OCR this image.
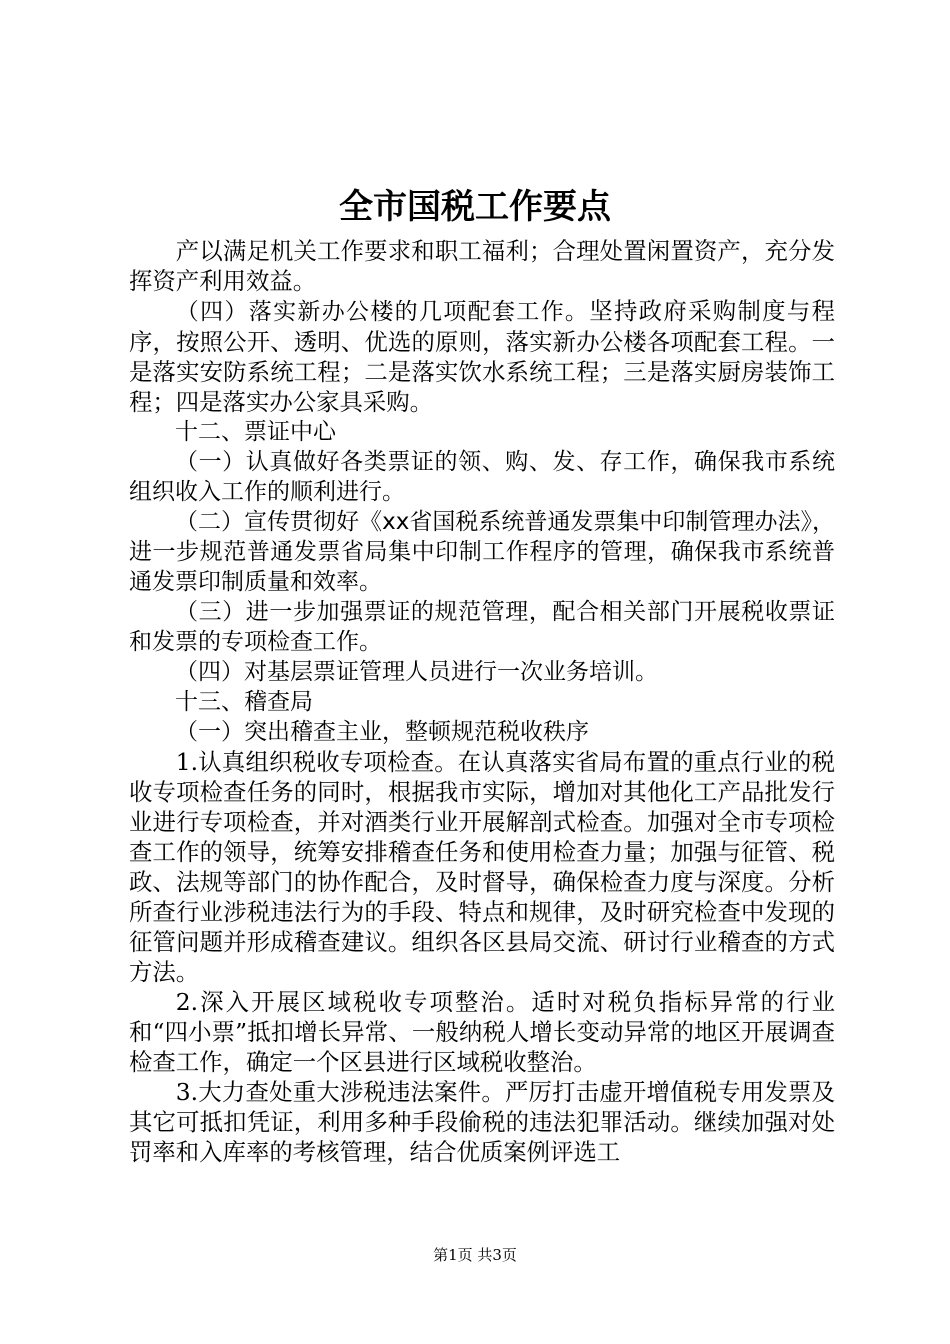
全市国税工作要点

产以满足机关工作要求和职工福利；合理处置闲置资产，充分发挥资产利用效益。

（四）落实新办公楼的几项配套工作。坚持政府采购制度与程序，按照公开、透明、优选的原则，落实新办公楼各项配套工程。一是落实安防系统工程；二是落实饮水系统工程；三是落实厨房装饰工程；四是落实办公家具采购。

十二、票证中心

（一）认真做好各类票证的领、购、发、存工作，确保我市系统组织收入工作的顺利进行。

（二）宣传贯彻好《xx省国税系统普通发票集中印制管理办法》，进一步规范普通发票省局集中印制工作程序的管理，确保我市系统普通发票印制质量和效率。

（三）进一步加强票证的规范管理，配合相关部门开展税收票证和发票的专项检查工作。

（四）对基层票证管理人员进行一次业务培训。

十三、稽查局

（一）突出稽查主业，整顿规范税收秩序

1.认真组织税收专项检查。在认真落实省局布置的重点行业的税收专项检查任务的同时，根据我市实际，增加对其他化工产品批发行业进行专项检查，并对酒类行业开展解剖式检查。加强对全市专项检查工作的领导，统筹安排稽查任务和使用检查力量；加强与征管、税政、法规等部门的协作配合，及时督导，确保检查力度与深度。分析所查行业涉税违法行为的手段、特点和规律，及时研究检查中发现的征管问题并形成稽查建议。组织各区县局交流、研讨行业稽查的方式方法。

2.深入开展区域税收专项整治。适时对税负指标异常的行业和“四小票”抵扣增长异常、一般纳税人增长变动异常的地区开展调查检查工作，确定一个区县进行区域税收整治。

3.大力查处重大涉税违法案件。严厉打击虚开增值税专用发票及其它可抵扣凭证，利用多种手段偷税的违法犯罪活动。继续加强对处罚率和入库率的考核管理，结合优质案例评选工

第1页 共3页
